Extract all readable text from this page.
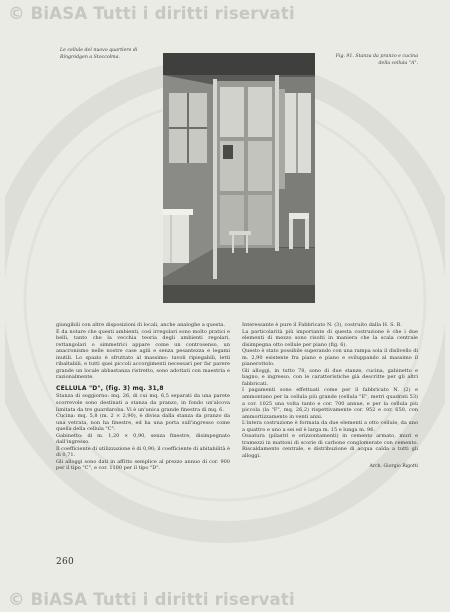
© BiASA Tutti i diritti riservati
Le cellule del nuovo quartiere di Ringródgen a Stoccolma.	Fig. 91. Stanza da pranzo e cucina della cellula "A".

giungibili con altre disposizioni di locali, anche analoghe a questa.

È da notare che questi ambienti, così irregolari sono molto pratici e belli, tanto che la vecchia teoria degli ambienti regolari, rettangolari o simmetrici appare come un controsenso, un anacronismo nelle nostre case agili e senza pesantezza e legami inutili. Lo spazio è sfruttato al massimo: tavoli ripiegabili, letti ribaltabili, e tutti quei piccoli accorgimenti necessari per far parere grande un locale abbastanza ristretto, sono adottati con maestria e razionalmente.

CELLULA "D", (fig. 3) mq. 31,8

Stanza di soggiorno: mq. 26, di cui mq. 6,5 separati da una parete scorrevole sono destinati a stanza da pranzo, in fondo un'alcova limitata da tre guardaroba. Vi è un'unica grande finestra di mq. 6.

Cucina: mq. 5,8 (m. 2 × 2,90), è divisa dalla stanza da pranzo da una vetrata, non ha finestre, ed ha una porta sull'ingresso come quella della cellula "C".

Gabinetto: di m. 1,20 × 0,90, senza finestre, disimpegnato dall'ingresso.

Il coefficiente di utilizzazione è di 0,90; il coefficiente di abitabilità è di 0,71.

Gli alloggi sono dati in affitto semplice al prezzo annuo di cor. 900 per il tipo "C", e cor. 1100 per il tipo "D".

Interessante è pure il Fabbricato N. (3), costruito dalla H. S. B.

La particolarità più importante di questa costruzione è che i due elementi di mezzo sono risolti in maniera che la scala centrale disimpegna otto cellule per piano (fig. 6).

Questo è stato possibile superando con una rampa sola il dislivello di m. 2,90 esistente fra piano e piano e sviluppando al massimo il pianerottolo.

Gli alloggi, in tutto 78, sono di due stanze, cucina, gabinetto e bagno, e ingresso, con le caratteristiche già descritte per gli altri fabbricati.

I pagamenti sono effettuati come per il fabbricato N. (2) e ammontano per la cellula più grande (cellula "E", metri quadrati 53) a cor. 1025 una volta tanto e cor. 700 annue, e per la cellula più piccola (la "F", mq. 26,2) rispettivamente cor. 952 e cor. 650, con ammortizzamento in venti anni.

L'intera costruzione è formata da due elementi a otto cellule, da uno a quattro e uno a sei ed è larga m. 15 e lunga m. 96.

Ossatura (pilastri e orizzontamenti) in cemento armato, muri e tramezzi in mattoni di scorie di carbone conglomerate con cemento. Riscaldamento centrale, e distribuzione di acqua calda a tutti gli alloggi.

Arch. Giorgio Rigotti

260
© BiASA Tutti i diritti riservati
